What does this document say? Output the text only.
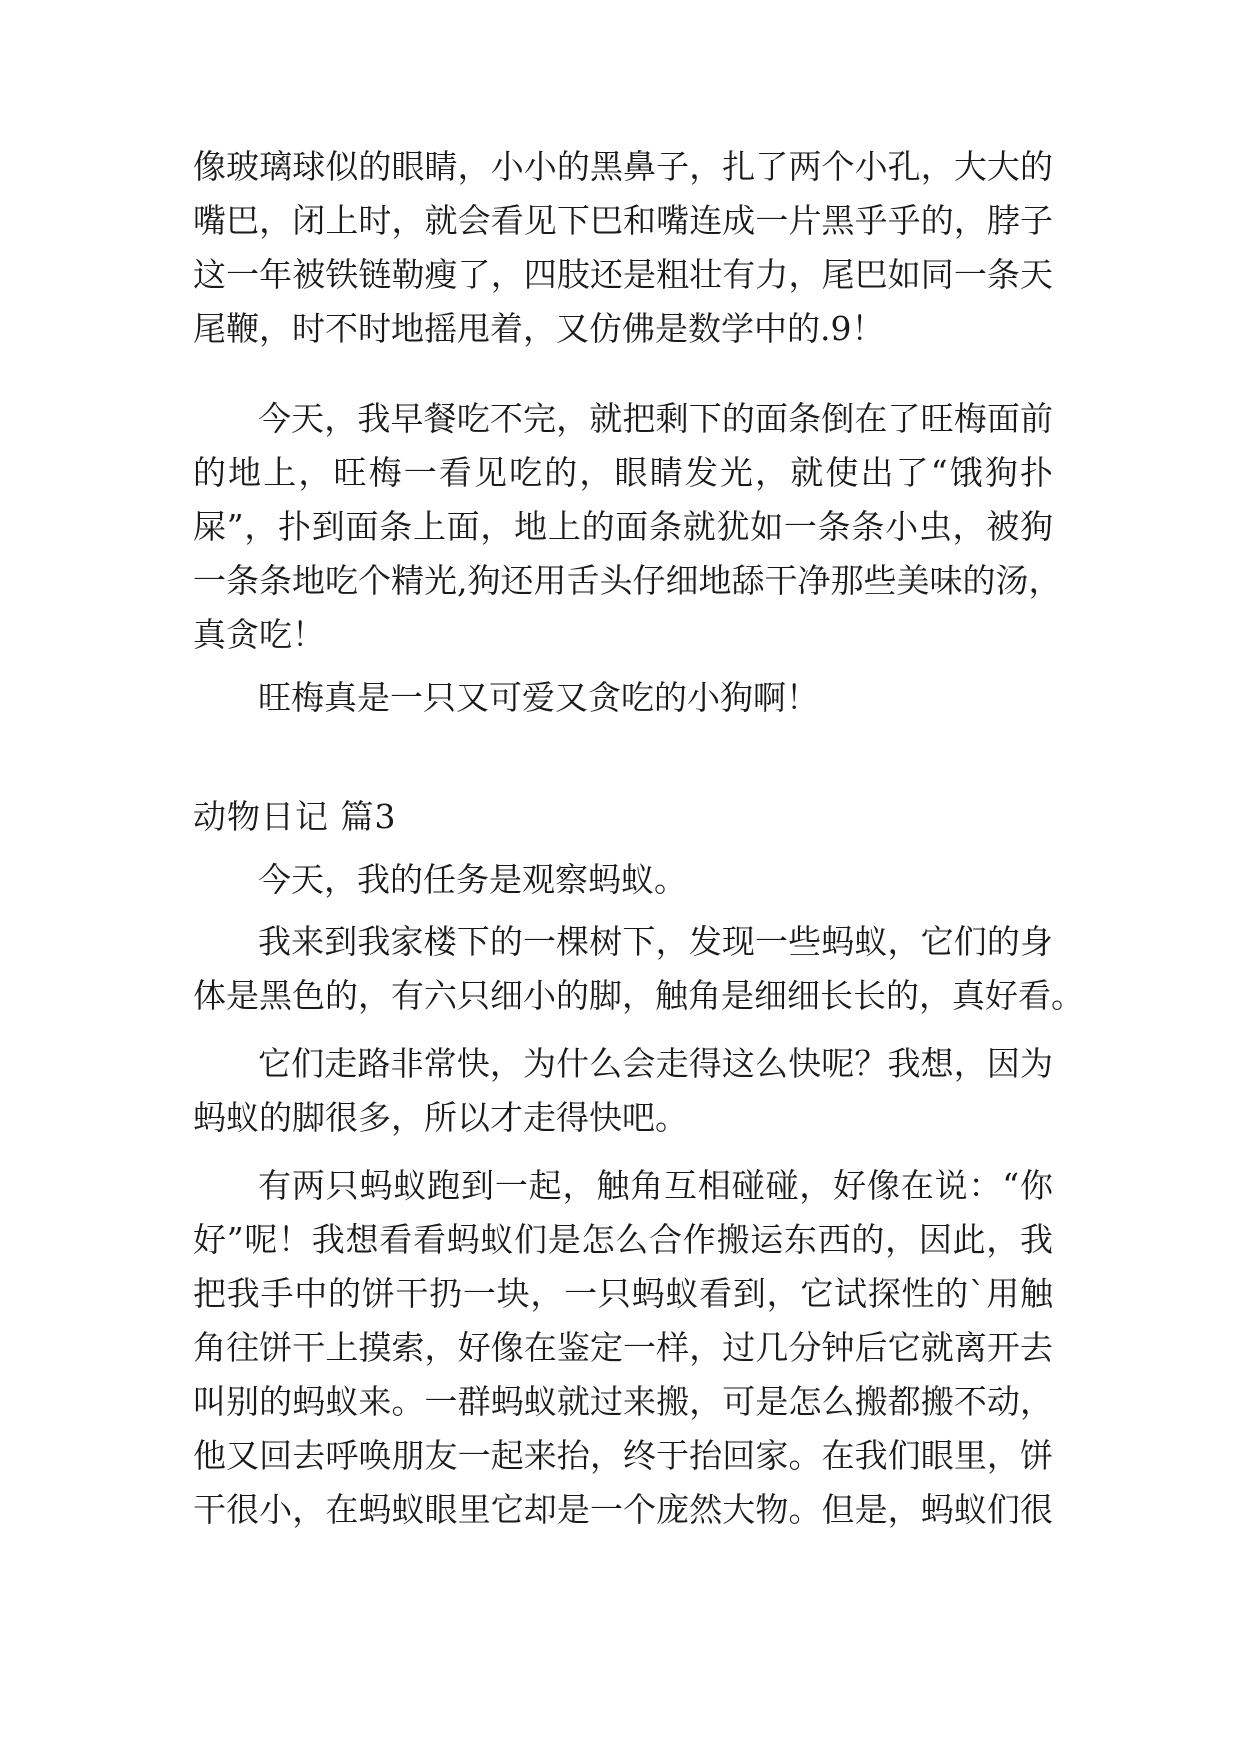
像玻璃球似的眼睛，小小的黑鼻子，扎了两个小孔，大大的
嘴巴，闭上时，就会看见下巴和嘴连成一片黑乎乎的，脖子
这一年被铁链勒瘦了，四肢还是粗壮有力，尾巴如同一条天
尾鞭，时不时地摇甩着，又仿佛是数学中的.9！
今天，我早餐吃不完，就把剩下的面条倒在了旺梅面前
的地上，旺梅一看见吃的，眼睛发光，就使出了“饿狗扑
屎”，扑到面条上面，地上的面条就犹如一条条小虫，被狗
一条条地吃个精光,狗还用舌头仔细地舔干净那些美味的汤，
真贪吃！
旺梅真是一只又可爱又贪吃的小狗啊！
动物日记 篇3
今天，我的任务是观察蚂蚁。
我来到我家楼下的一棵树下，发现一些蚂蚁，它们的身
体是黑色的，有六只细小的脚，触角是细细长长的，真好看。
它们走路非常快，为什么会走得这么快呢？我想，因为
蚂蚁的脚很多，所以才走得快吧。
有两只蚂蚁跑到一起，触角互相碰碰，好像在说：“你
好”呢！我想看看蚂蚁们是怎么合作搬运东西的，因此，我
把我手中的饼干扔一块，一只蚂蚁看到，它试探性的`用触
角往饼干上摸索，好像在鉴定一样，过几分钟后它就离开去
叫别的蚂蚁来。一群蚂蚁就过来搬，可是怎么搬都搬不动，
他又回去呼唤朋友一起来抬，终于抬回家。在我们眼里，饼
干很小，在蚂蚁眼里它却是一个庞然大物。但是，蚂蚁们很
